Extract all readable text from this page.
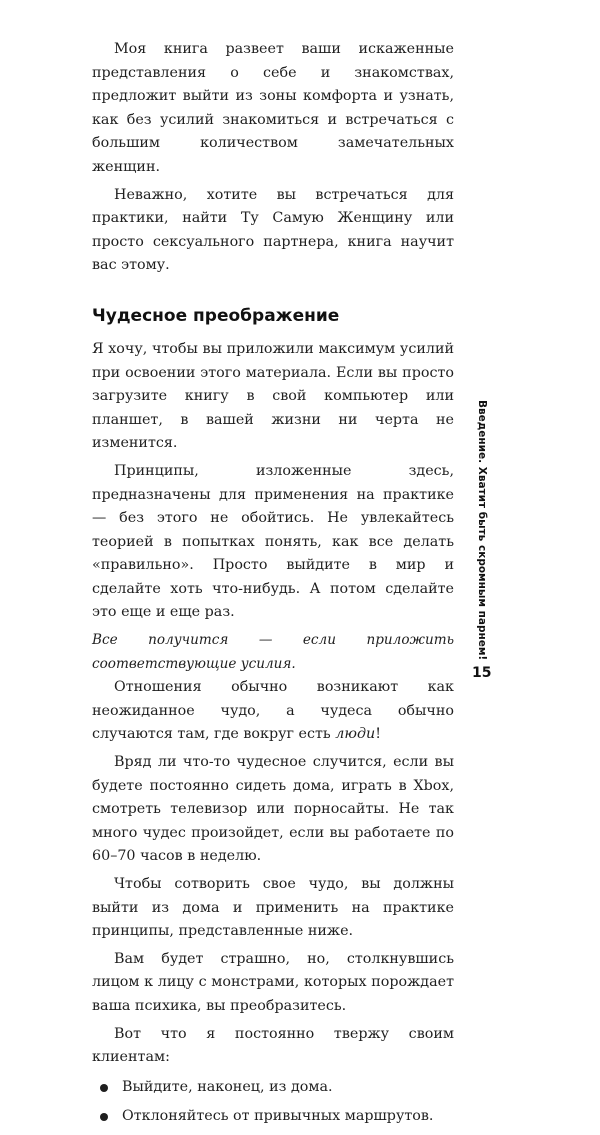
Моя книга развеет ваши искаженные представления о себе и знакомствах, предложит выйти из зоны комфорта и узнать, как без усилий знакомиться и встречаться с большим количеством замечательных женщин.

Неважно, хотите вы встречаться для практики, найти Ту Самую Женщину или просто сексуального партнера, книга научит вас этому.

Чудесное преображение

Я хочу, чтобы вы приложили максимум усилий при освоении этого материала. Если вы просто загрузите книгу в свой компьютер или планшет, в вашей жизни ни черта не изменится.

Принципы, изложенные здесь, предназначены для применения на практике — без этого не обойтись. Не увлекайтесь теорией в попытках понять, как все делать «правильно». Просто выйдите в мир и сделайте хоть что-нибудь. А потом сделайте это еще и еще раз.

Все получится — если приложить соответствующие усилия.

Отношения обычно возникают как неожиданное чудо, а чудеса обычно случаются там, где вокруг есть люди!

Вряд ли что-то чудесное случится, если вы будете постоянно сидеть дома, играть в Xbox, смотреть телевизор или порносайты. Не так много чудес произойдет, если вы работаете по 60–70 часов в неделю.

Чтобы сотворить свое чудо, вы должны выйти из дома и применить на практике принципы, представленные ниже.

Вам будет страшно, но, столкнувшись лицом к лицу с монстрами, которых порождает ваша психика, вы преобразитесь.

Вот что я постоянно твержу своим клиентам:

Выйдите, наконец, из дома.
Отклоняйтесь от привычных маршрутов.
Введение. Хватит быть скромным парнем!
15
